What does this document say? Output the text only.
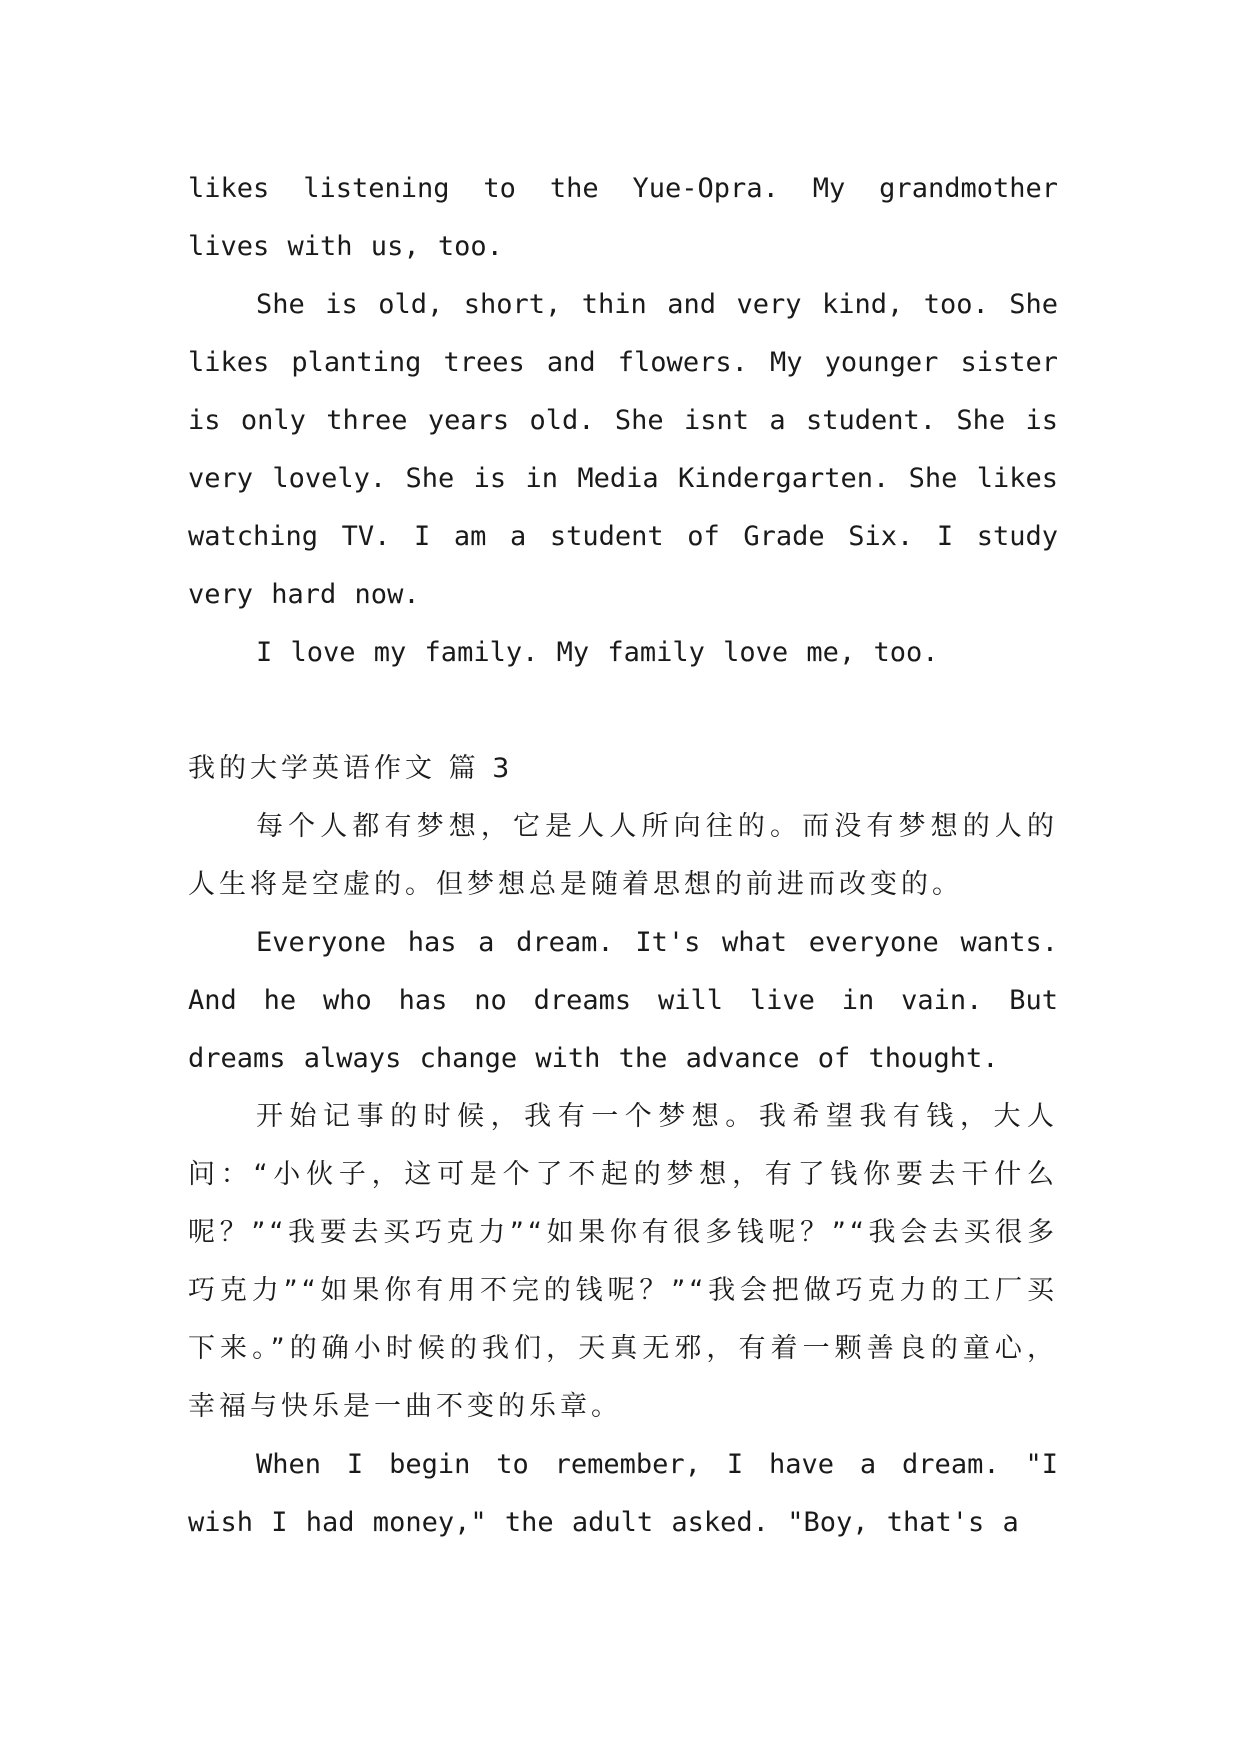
likes listening to the Yue-Opra. My grandmother lives with us, too.

She is old, short, thin and very kind, too. She likes planting trees and flowers. My younger sister is only three years old. She isnt a student. She is very lovely. She is in Media Kindergarten. She likes watching TV. I am a student of Grade Six. I study very hard now.

I love my family. My family love me, too.

我的大学英语作文 篇 3

每个人都有梦想，它是人人所向往的。而没有梦想的人的人生将是空虚的。但梦想总是随着思想的前进而改变的。

Everyone has a dream. It's what everyone wants. And he who has no dreams will live in vain. But dreams always change with the advance of thought.

开始记事的时候，我有一个梦想。我希望我有钱，大人问：“小伙子，这可是个了不起的梦想，有了钱你要去干什么呢？”“我要去买巧克力”“如果你有很多钱呢？”“我会去买很多巧克力”“如果你有用不完的钱呢？”“我会把做巧克力的工厂买下来。”的确小时候的我们，天真无邪，有着一颗善良的童心，幸福与快乐是一曲不变的乐章。

When I begin to remember, I have a dream. "I wish I had money," the adult asked. "Boy, that's a
